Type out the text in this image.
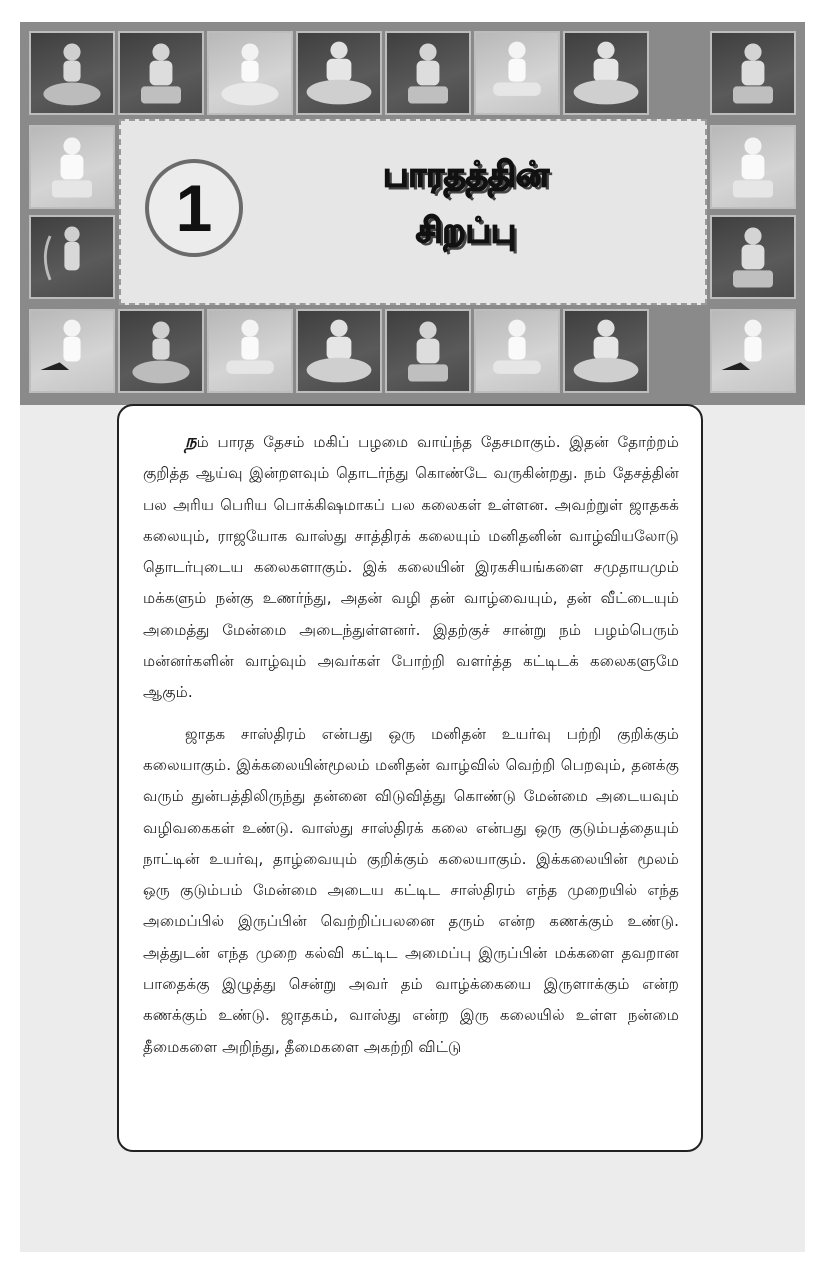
1	பாரதத்தின்
சிறப்பு

நம் பாரத தேசம் மகிப் பழமை வாய்ந்த தேசமாகும். இதன் தோற்றம் குறித்த ஆய்வு இன்றளவும் தொடர்ந்து கொண்டே வருகின்றது. நம் தேசத்தின் பல அரிய பெரிய பொக்கிஷமாகப் பல கலைகள் உள்ளன. அவற்றுள் ஜாதகக் கலையும், ராஜயோக வாஸ்து சாத்திரக் கலையும் மனிதனின் வாழ்வியலோடு தொடர்புடைய கலைகளாகும். இக் கலையின் இரகசியங்களை சமுதாயமும் மக்களும் நன்கு உணர்ந்து, அதன் வழி தன் வாழ்வையும், தன் வீட்டையும் அமைத்து மேன்மை அடைந்துள்ளனர். இதற்குச் சான்று நம் பழம்பெரும் மன்னர்களின் வாழ்வும் அவர்கள் போற்றி வளர்த்த கட்டிடக் கலைகளுமே ஆகும்.

ஜாதக சாஸ்திரம் என்பது ஒரு மனிதன் உயர்வு பற்றி குறிக்கும் கலையாகும். இக்கலையின்மூலம் மனிதன் வாழ்வில் வெற்றி பெறவும், தனக்கு வரும் துன்பத்திலிருந்து தன்னை விடுவித்து கொண்டு மேன்மை அடையவும் வழிவகைகள் உண்டு. வாஸ்து சாஸ்திரக் கலை என்பது ஒரு குடும்பத்தையும் நாட்டின் உயர்வு, தாழ்வையும் குறிக்கும் கலையாகும். இக்கலையின் மூலம் ஒரு குடும்பம் மேன்மை அடைய கட்டிட சாஸ்திரம் எந்த முறையில் எந்த அமைப்பில் இருப்பின் வெற்றிப்பலனை தரும் என்ற கணக்கும் உண்டு. அத்துடன் எந்த முறை கல்வி கட்டிட அமைப்பு இருப்பின் மக்களை தவறான பாதைக்கு இழுத்து சென்று அவர் தம் வாழ்க்கையை இருளாக்கும் என்ற கணக்கும் உண்டு. ஜாதகம், வாஸ்து என்ற இரு கலையில் உள்ள நன்மை தீமைகளை அறிந்து, தீமைகளை அகற்றி விட்டு
